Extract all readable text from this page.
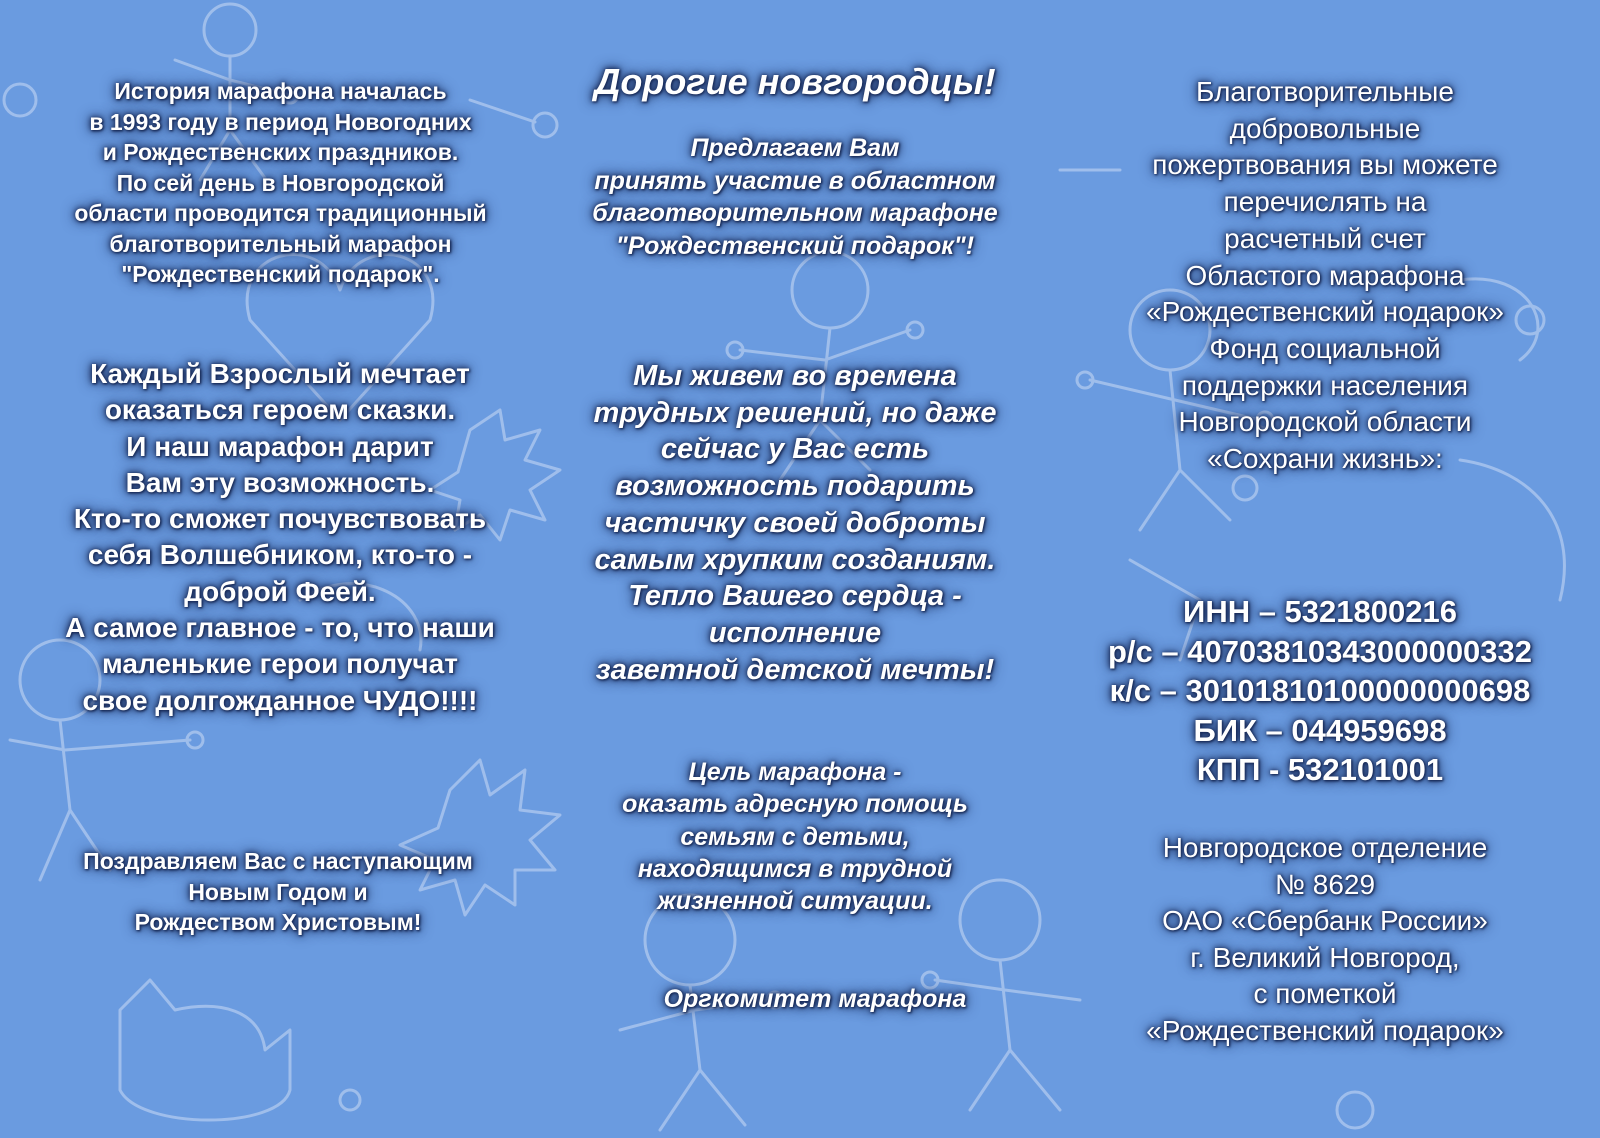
История марафона началась
в 1993 году в период Новогодних
и Рождественских праздников.
По сей день в Новгородской
области проводится традиционный
благотворительный марафон
"Рождественский подарок".
Каждый Взрослый мечтает
оказаться героем сказки.
И наш марафон дарит
Вам эту возможность.
Кто-то сможет почувствовать
себя Волшебником, кто-то -
доброй Феей.
А самое главное - то, что наши
маленькие герои получат
свое долгожданное ЧУДО!!!!
Поздравляем Вас с наступающим
Новым Годом и
Рождеством Христовым!
Дорогие новгородцы!
Предлагаем Вам
принять участие в областном
благотворительном марафоне
"Рождественский подарок"!
Мы живем во времена
трудных решений, но даже
сейчас у Вас есть
возможность подарить
частичку своей доброты
самым хрупким созданиям.
Тепло Вашего сердца -
исполнение
заветной детской мечты!
Цель марафона -
оказать адресную помощь
семьям с детьми,
находящимся в трудной
жизненной ситуации.
Оргкомитет марафона
Благотворительные
добровольные
пожертвования вы можете
перечислять на
расчетный счет
Областого марафона
«Рождественский нодарок»
Фонд социальной
поддержки населения
Новгородской области
«Сохрани жизнь»:
ИНН – 5321800216
р/с – 40703810343000000332
к/с – 30101810100000000698
БИК – 044959698
КПП - 532101001
Новгородское отделение
№ 8629
ОАО «Сбербанк России»
г. Великий Новгород,
с пометкой
«Рождественский подарок»
